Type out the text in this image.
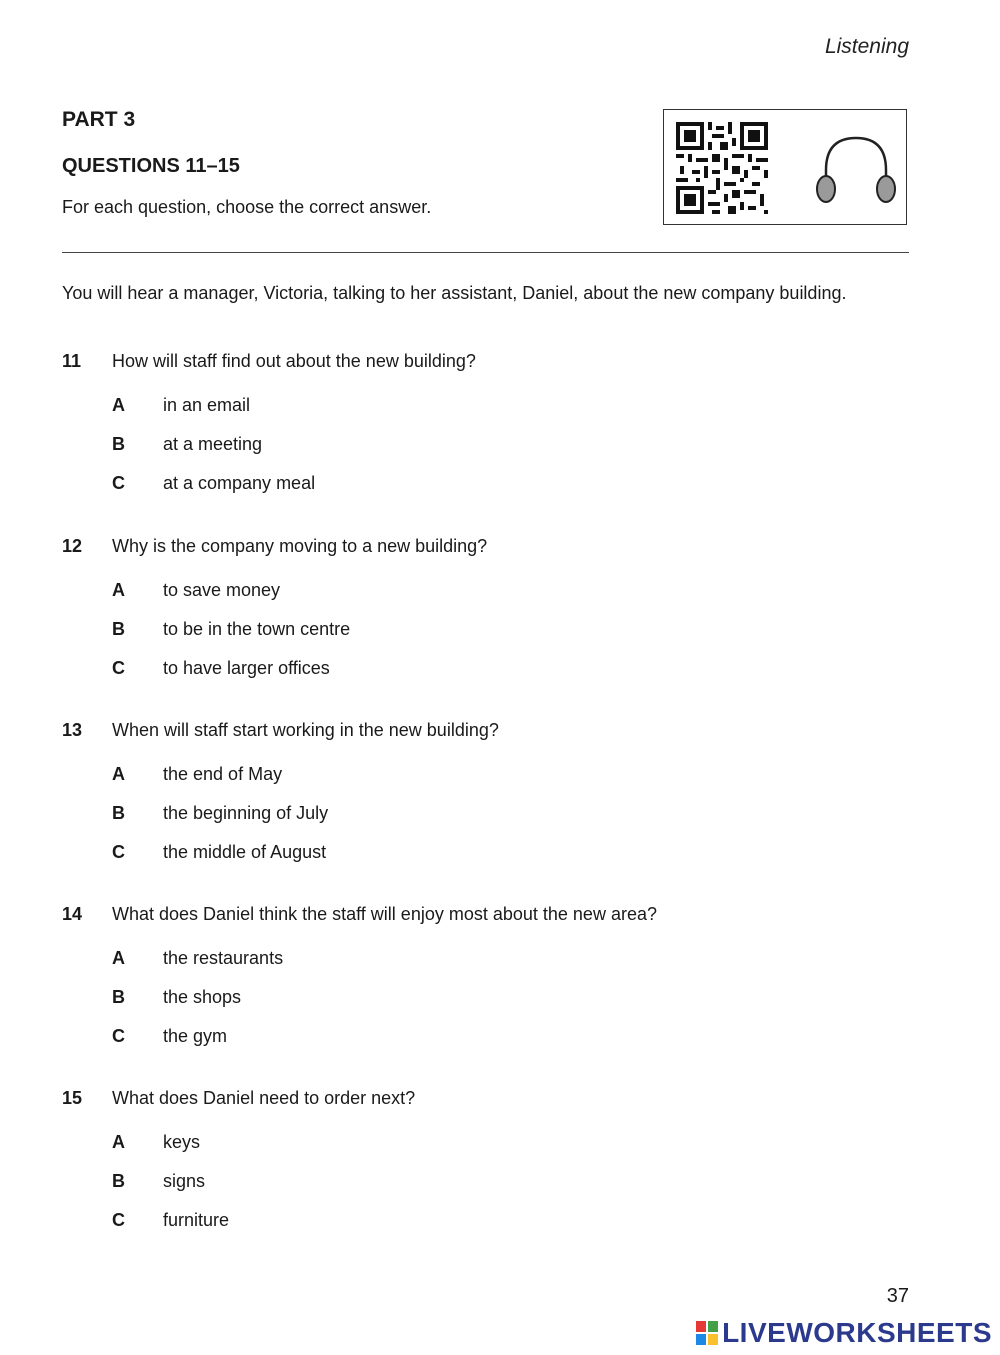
Listening
PART 3
QUESTIONS 11–15
For each question, choose the correct answer.
You will hear a manager, Victoria, talking to her assistant, Daniel, about the new company building.
11	How will staff find out about the new building?
A	in an email
B	at a meeting
C	at a company meal
12	Why is the company moving to a new building?
A	to save money
B	to be in the town centre
C	to have larger offices
13	When will staff start working in the new building?
A	the end of May
B	the beginning of July
C	the middle of August
14	What does Daniel think the staff will enjoy most about the new area?
A	the restaurants
B	the shops
C	the gym
15	What does Daniel need to order next?
A	keys
B	signs
C	furniture
37
LIVEWORKSHEETS
